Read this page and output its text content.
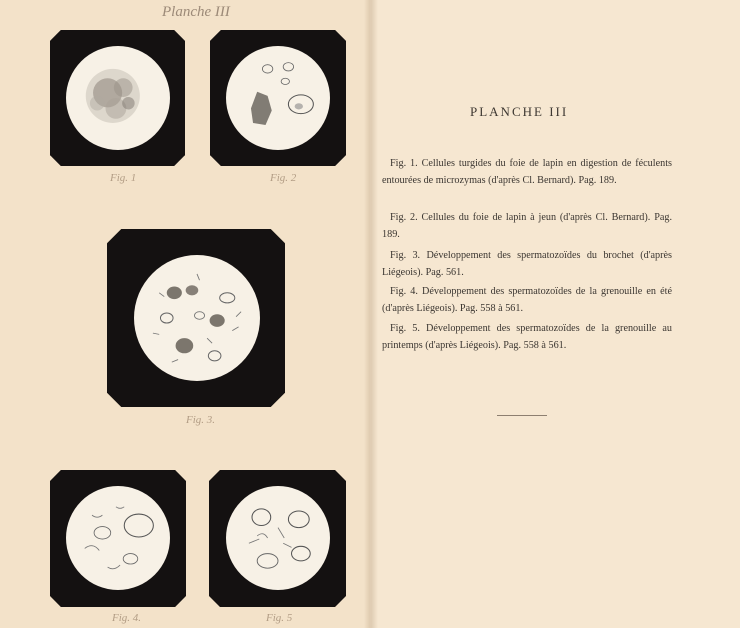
Planche III
Fig. 1	Fig. 2
Fig. 3.
Fig. 4.	Fig. 5
PLANCHE III

Fig. 1. Cellules turgides du foie de lapin en digestion de féculents entourées de microzymas (d'après Cl. Bernard). Pag. 189.

Fig. 2. Cellules du foie de lapin à jeun (d'après Cl. Bernard). Pag. 189.

Fig. 3. Développement des spermatozoïdes du brochet (d'après Liégeois). Pag. 561.

Fig. 4. Développement des spermatozoïdes de la grenouille en été (d'après Liégeois). Pag. 558 à 561.

Fig. 5. Développement des spermatozoïdes de la grenouille au printemps (d'après Liégeois). Pag. 558 à 561.
